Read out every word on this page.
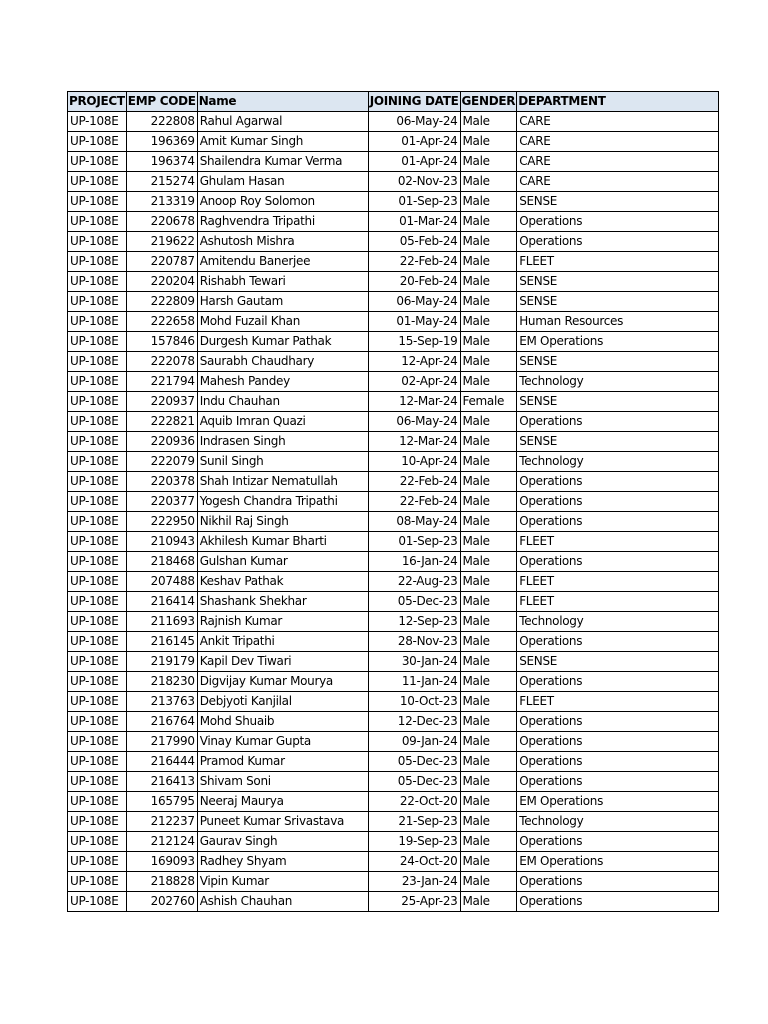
PROJECT	EMP CODE	Name	JOINING DATE	GENDER	DEPARTMENT
UP-108E	222808	Rahul Agarwal	06-May-24	Male	CARE
UP-108E	196369	Amit Kumar Singh	01-Apr-24	Male	CARE
UP-108E	196374	Shailendra Kumar Verma	01-Apr-24	Male	CARE
UP-108E	215274	Ghulam Hasan	02-Nov-23	Male	CARE
UP-108E	213319	Anoop Roy Solomon	01-Sep-23	Male	SENSE
UP-108E	220678	Raghvendra Tripathi	01-Mar-24	Male	Operations
UP-108E	219622	Ashutosh Mishra	05-Feb-24	Male	Operations
UP-108E	220787	Amitendu Banerjee	22-Feb-24	Male	FLEET
UP-108E	220204	Rishabh Tewari	20-Feb-24	Male	SENSE
UP-108E	222809	Harsh Gautam	06-May-24	Male	SENSE
UP-108E	222658	Mohd Fuzail Khan	01-May-24	Male	Human Resources
UP-108E	157846	Durgesh Kumar Pathak	15-Sep-19	Male	EM Operations
UP-108E	222078	Saurabh Chaudhary	12-Apr-24	Male	SENSE
UP-108E	221794	Mahesh Pandey	02-Apr-24	Male	Technology
UP-108E	220937	Indu Chauhan	12-Mar-24	Female	SENSE
UP-108E	222821	Aquib Imran Quazi	06-May-24	Male	Operations
UP-108E	220936	Indrasen Singh	12-Mar-24	Male	SENSE
UP-108E	222079	Sunil Singh	10-Apr-24	Male	Technology
UP-108E	220378	Shah Intizar Nematullah	22-Feb-24	Male	Operations
UP-108E	220377	Yogesh Chandra Tripathi	22-Feb-24	Male	Operations
UP-108E	222950	Nikhil Raj Singh	08-May-24	Male	Operations
UP-108E	210943	Akhilesh Kumar Bharti	01-Sep-23	Male	FLEET
UP-108E	218468	Gulshan Kumar	16-Jan-24	Male	Operations
UP-108E	207488	Keshav Pathak	22-Aug-23	Male	FLEET
UP-108E	216414	Shashank Shekhar	05-Dec-23	Male	FLEET
UP-108E	211693	Rajnish Kumar	12-Sep-23	Male	Technology
UP-108E	216145	Ankit Tripathi	28-Nov-23	Male	Operations
UP-108E	219179	Kapil Dev Tiwari	30-Jan-24	Male	SENSE
UP-108E	218230	Digvijay Kumar Mourya	11-Jan-24	Male	Operations
UP-108E	213763	Debjyoti Kanjilal	10-Oct-23	Male	FLEET
UP-108E	216764	Mohd Shuaib	12-Dec-23	Male	Operations
UP-108E	217990	Vinay Kumar Gupta	09-Jan-24	Male	Operations
UP-108E	216444	Pramod Kumar	05-Dec-23	Male	Operations
UP-108E	216413	Shivam Soni	05-Dec-23	Male	Operations
UP-108E	165795	Neeraj Maurya	22-Oct-20	Male	EM Operations
UP-108E	212237	Puneet Kumar Srivastava	21-Sep-23	Male	Technology
UP-108E	212124	Gaurav Singh	19-Sep-23	Male	Operations
UP-108E	169093	Radhey Shyam	24-Oct-20	Male	EM Operations
UP-108E	218828	Vipin Kumar	23-Jan-24	Male	Operations
UP-108E	202760	Ashish Chauhan	25-Apr-23	Male	Operations
